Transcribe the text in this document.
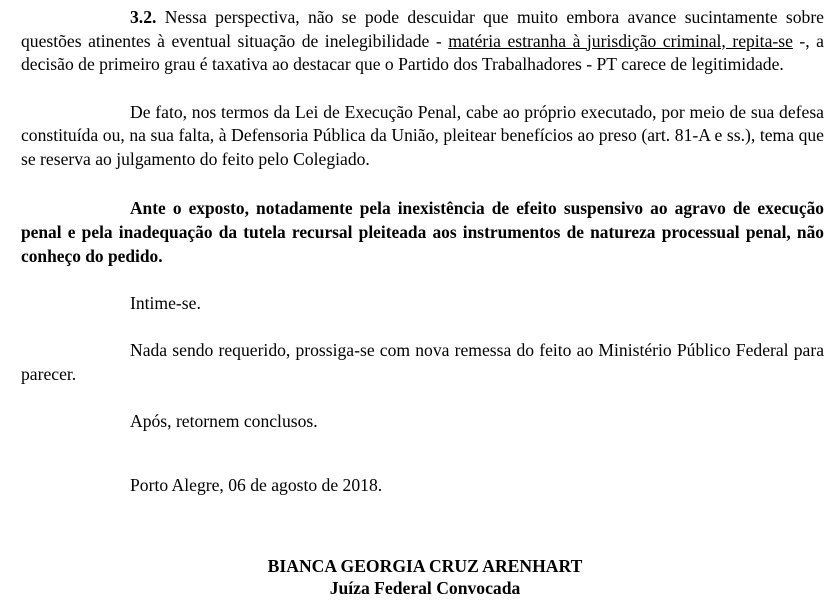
3.2. Nessa perspectiva, não se pode descuidar que muito embora avance sucintamente sobre questões atinentes à eventual situação de inelegibilidade - matéria estranha à jurisdição criminal, repita-se -, a decisão de primeiro grau é taxativa ao destacar que o Partido dos Trabalhadores - PT carece de legitimidade.

De fato, nos termos da Lei de Execução Penal, cabe ao próprio executado, por meio de sua defesa constituída ou, na sua falta, à Defensoria Pública da União, pleitear benefícios ao preso (art. 81-A e ss.), tema que se reserva ao julgamento do feito pelo Colegiado.

Ante o exposto, notadamente pela inexistência de efeito suspensivo ao agravo de execução penal e pela inadequação da tutela recursal pleiteada aos instrumentos de natureza processual penal, não conheço do pedido.

Intime-se.

Nada sendo requerido, prossiga-se com nova remessa do feito ao Ministério Público Federal para parecer.

Após, retornem conclusos.

Porto Alegre, 06 de agosto de 2018.

BIANCA GEORGIA CRUZ ARENHART
Juíza Federal Convocada
